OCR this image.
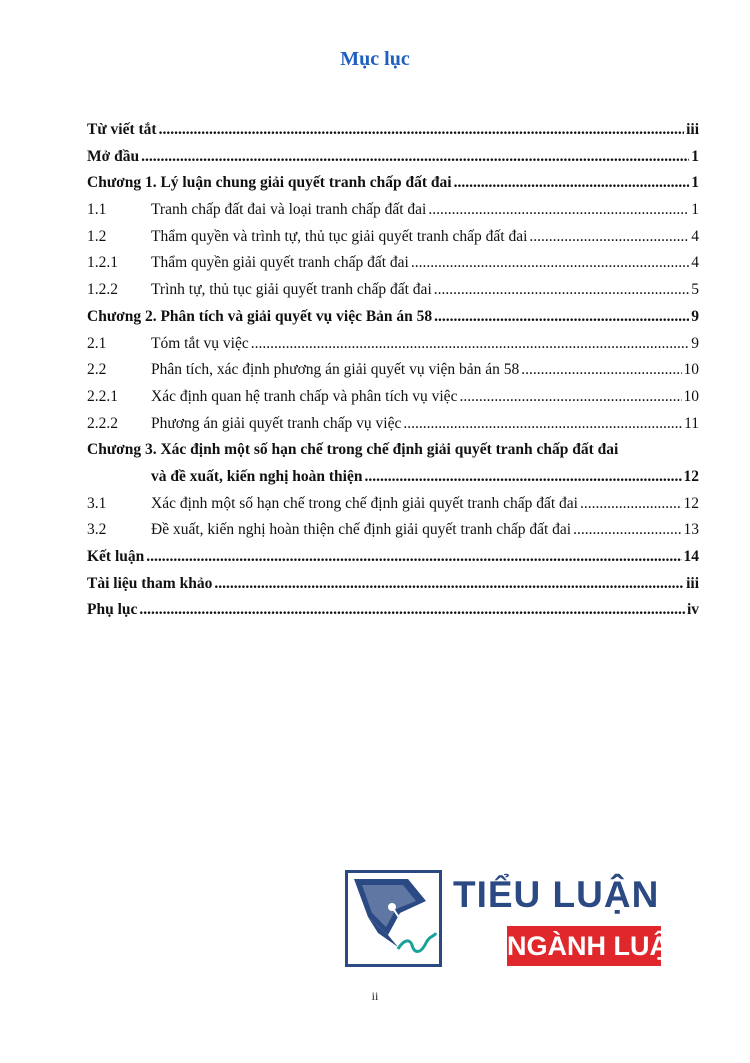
Mục lục
Từ viết tắt .....	iii
Mở đầu .....	1
Chương 1. Lý luận chung giải quyết tranh chấp đất đai .....	1
1.1	Tranh chấp đất đai và loại tranh chấp đất đai .....	1
1.2	Thẩm quyền và trình tự, thủ tục giải quyết tranh chấp đất đai .....	4
1.2.1	Thẩm quyền giải quyết tranh chấp đất đai .....	4
1.2.2	Trình tự, thủ tục giải quyết tranh chấp đất đai .....	5
Chương 2. Phân tích và giải quyết vụ việc Bản án 58 .....	9
2.1	Tóm tắt vụ việc .....	9
2.2	Phân tích, xác định phương án giải quyết vụ viện bản án 58 .....	10
2.2.1	Xác định quan hệ tranh chấp và phân tích vụ việc .....	10
2.2.2	Phương án giải quyết tranh chấp vụ việc .....	11
Chương 3. Xác định một số hạn chế trong chế định giải quyết tranh chấp đất đai
và đề xuất, kiến nghị hoàn thiện .....	12
3.1	Xác định một số hạn chế trong chế định giải quyết tranh chấp đất đai .....	12
3.2	Đề xuất, kiến nghị hoàn thiện chế định giải quyết tranh chấp đất đai .....	13
Kết luận .....	14
Tài liệu tham khảo .....	iii
Phụ lục .....	iv
TIỂU LUẬN
NGÀNH LUẬT
ii
